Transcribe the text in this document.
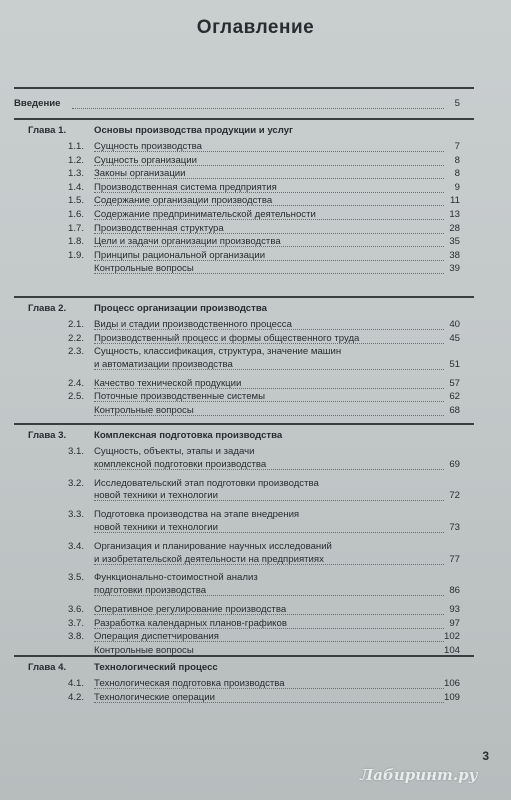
Оглавление
Введение	5
Глава 1.	Основы производства продукции и услуг
1.1. Сущность производства	7
1.2. Сущность организации	8
1.3. Законы организации	8
1.4. Производственная система предприятия	9
1.5. Содержание организации производства	11
1.6. Содержание предпринимательской деятельности	13
1.7. Производственная структура	28
1.8. Цели и задачи организации производства	35
1.9. Принципы рациональной организации	38
Контрольные вопросы	39
Глава 2.	Процесс организации производства
2.1. Виды и стадии производственного процесса	40
2.2. Производственный процесс и формы общественного труда	45
2.3. Сущность, классификация, структура, значение машин
и автоматизации производства	51
2.4. Качество технической продукции	57
2.5. Поточные производственные системы	62
Контрольные вопросы	68
Глава 3.	Комплексная подготовка производства
3.1. Сущность, объекты, этапы и задачи
комплексной подготовки производства	69
3.2. Исследовательский этап подготовки производства
новой техники и технологии	72
3.3. Подготовка производства на этапе внедрения
новой техники и технологии	73
3.4. Организация и планирование научных исследований
и изобретательской деятельности на предприятиях	77
3.5. Функционально-стоимостной анализ
подготовки производства	86
3.6. Оперативное регулирование производства	93
3.7. Разработка календарных планов-графиков	97
3.8. Операция диспетчирования	102
Контрольные вопросы	104
Глава 4.	Технологический процесс
4.1. Технологическая подготовка производства	106
4.2. Технологические операции	109
3
Лабиринт.ру
